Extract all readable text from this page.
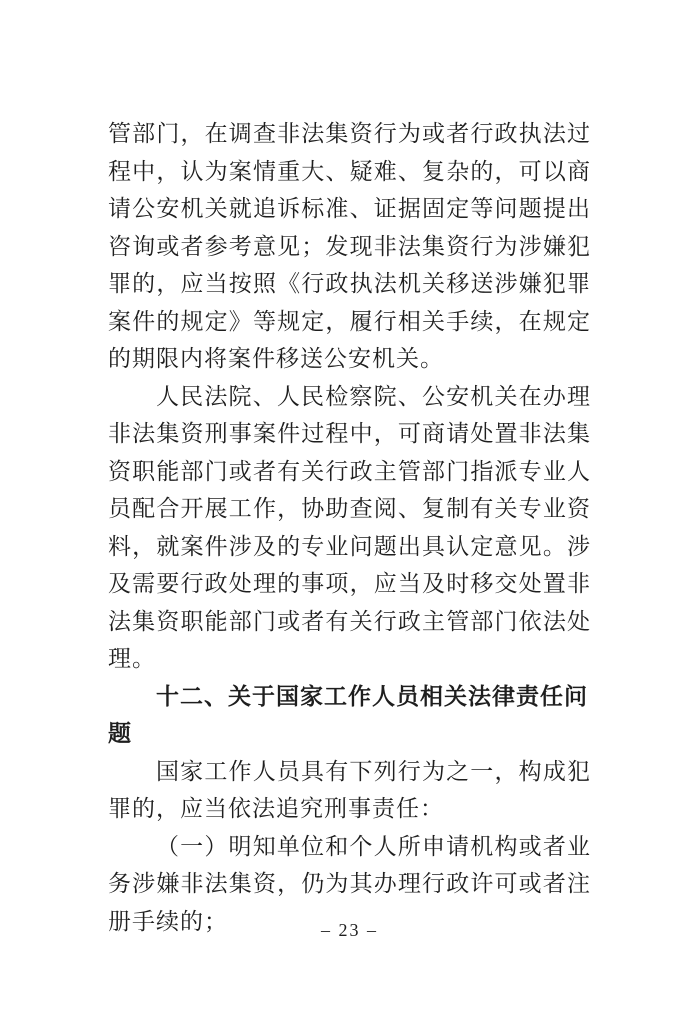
管部门，在调查非法集资行为或者行政执法过程中，认为案情重大、疑难、复杂的，可以商请公安机关就追诉标准、证据固定等问题提出咨询或者参考意见；发现非法集资行为涉嫌犯罪的，应当按照《行政执法机关移送涉嫌犯罪案件的规定》等规定，履行相关手续，在规定的期限内将案件移送公安机关。

人民法院、人民检察院、公安机关在办理非法集资刑事案件过程中，可商请处置非法集资职能部门或者有关行政主管部门指派专业人员配合开展工作，协助查阅、复制有关专业资料，就案件涉及的专业问题出具认定意见。涉及需要行政处理的事项，应当及时移交处置非法集资职能部门或者有关行政主管部门依法处理。

十二、关于国家工作人员相关法律责任问题

国家工作人员具有下列行为之一，构成犯罪的，应当依法追究刑事责任：

（一）明知单位和个人所申请机构或者业务涉嫌非法集资，仍为其办理行政许可或者注册手续的；	– 23 –
